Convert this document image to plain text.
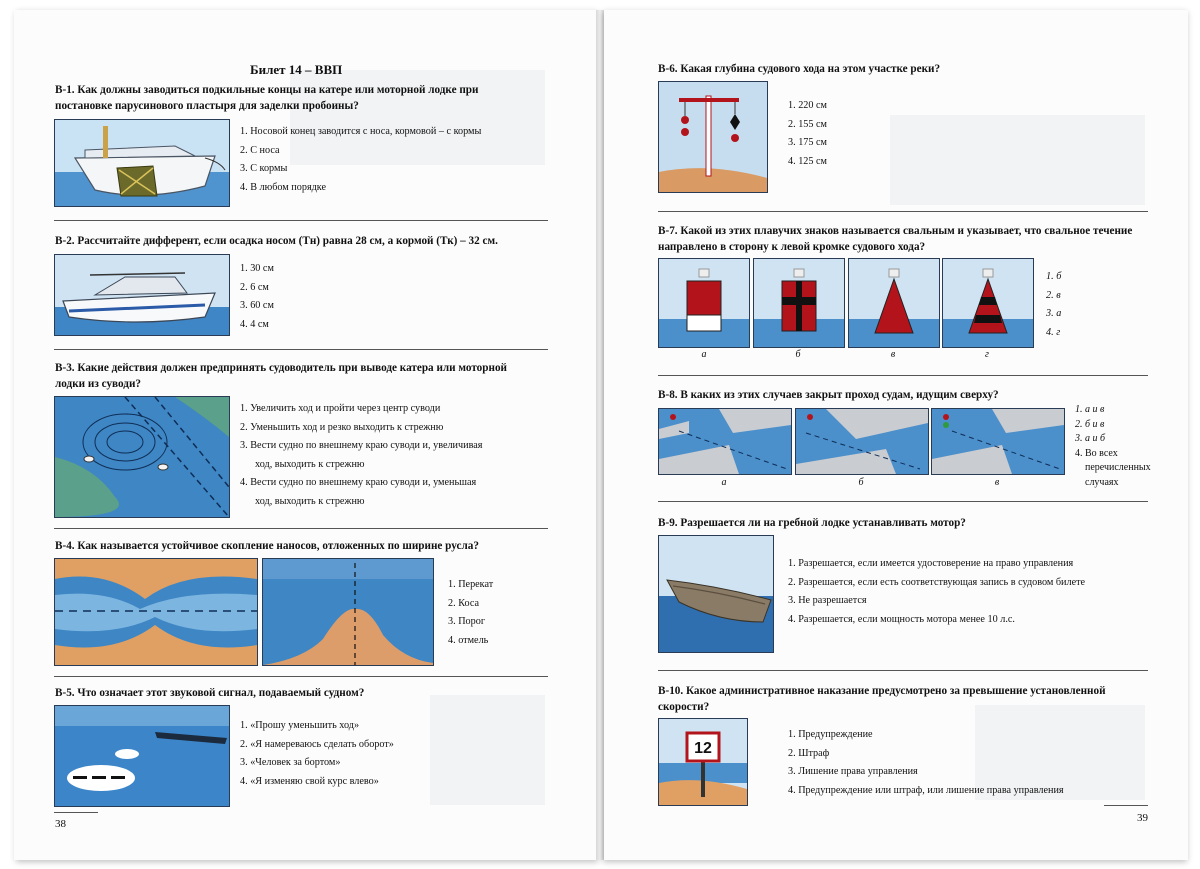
Билет 14 – ВВП
В-1. Как должны заводиться подкильные концы на катере или моторной лодке при постановке парусинового пластыря для заделки пробоины?
1. Носовой конец заводится с носа, кормовой – с кормы
2. С носа
3. С кормы
4. В любом порядке
В-2. Рассчитайте дифферент, если осадка носом (Тн) равна 28 см, а кормой (Тк) – 32 см.
1. 30 см
2. 6 см
3. 60 см
4. 4 см
В-3. Какие действия должен предпринять судоводитель при выводе катера или моторной лодки из суводи?
1. Увеличить ход и пройти через центр суводи
2. Уменьшить ход и резко выходить к стрежню
3. Вести судно по внешнему краю суводи и, увеличивая
ход, выходить к стрежню
4. Вести судно по внешнему краю суводи и, уменьшая
ход, выходить к стрежню
В-4. Как называется устойчивое скопление наносов, отложенных по ширине русла?
1. Перекат
2. Коса
3. Порог
4. отмель
В-5. Что означает этот звуковой сигнал, подаваемый судном?
1. «Прошу уменьшить ход»
2. «Я намереваюсь сделать оборот»
3. «Человек за бортом»
4. «Я изменяю свой курс влево»
38
В-6. Какая глубина судового хода на этом участке реки?
1. 220 см
2. 155 см
3. 175 см
4. 125 см
В-7. Какой из этих плавучих знаков называется свальным и указывает, что свальное течение направлено в сторону к левой кромке судового хода?
а	б	в	г
1. б
2. в
3. а
4. г
В-8. В каких из этих случаев закрыт проход судам, идущим сверху?
а	б	в
1. а и в
2. б и в
3. а и б
4. Во всех
перечисленных
случаях
В-9. Разрешается ли на гребной лодке устанавливать мотор?
1. Разрешается, если имеется удостоверение на право управления
2. Разрешается, если есть соответствующая запись в судовом билете
3. Не разрешается
4. Разрешается, если мощность мотора менее 10 л.с.
В-10. Какое административное наказание предусмотрено за превышение установленной скорости?
12
1. Предупреждение
2. Штраф
3. Лишение права управления
4. Предупреждение или штраф, или лишение права управления
39
